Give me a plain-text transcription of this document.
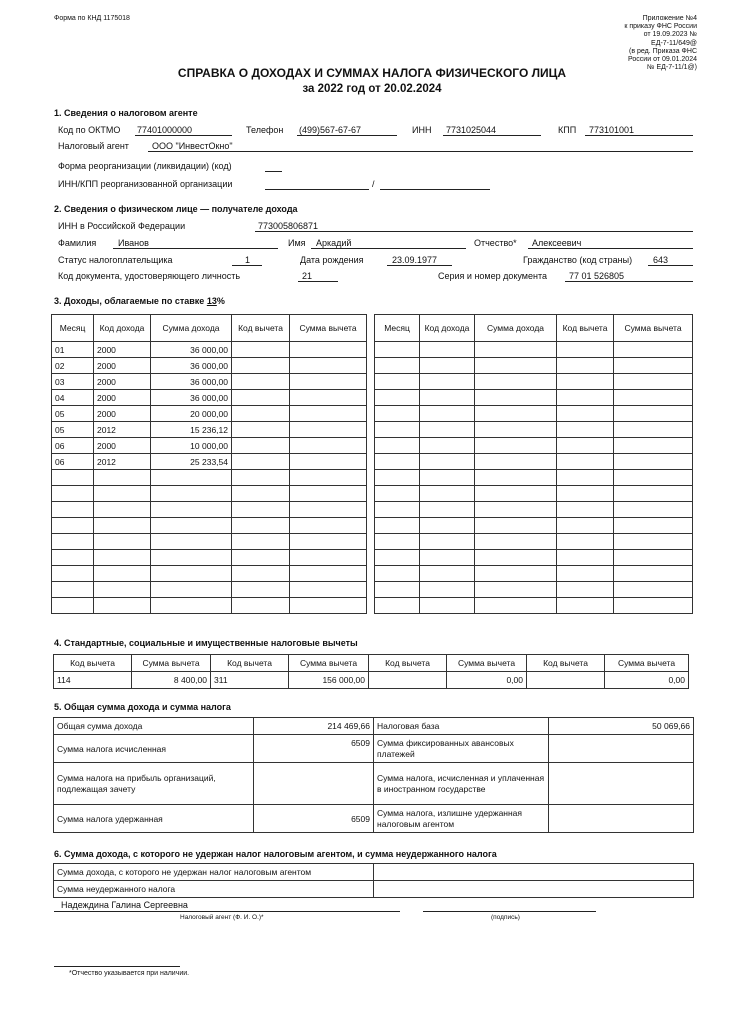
Форма по КНД 1175018	Приложение №4
к приказу ФНС России
от 19.09.2023 №
ЕД-7-11/649@
(в ред. Приказа ФНС
России от 09.01.2024
№ ЕД-7-11/1@)
СПРАВКА О ДОХОДАХ И СУММАХ НАЛОГА ФИЗИЧЕСКОГО ЛИЦА
за 2022 год от 20.02.2024
1. Сведения о налоговом агенте
Код по ОКТМО 77401000000	Телефон (499)567-67-67	ИНН 7731025044	КПП 773101001
Налоговый агент	ООО "ИнвестОкно"
Форма реорганизации (ликвидации) (код)
ИНН/КПП реорганизованной организации	/
2. Сведения о физическом лице — получателе дохода
ИНН в Российской Федерации	773005806871
Фамилия Иванов	Имя Аркадий	Отчество* Алексеевич
Статус налогоплательщика	1	Дата рождения	23.09.1977	Гражданство (код страны) 643
Код документа, удостоверяющего личность	21	Серия и номер документа 77 01 526805
3. Доходы, облагаемые по ставке 13%
Месяц	Код дохода	Сумма дохода	Код вычета	Сумма вычета
01	2000	36 000,00		
02	2000	36 000,00		
03	2000	36 000,00		
04	2000	36 000,00		
05	2000	20 000,00		
05	2012	15 236,12		
06	2000	10 000,00		
06	2012	25 233,54		

Месяц	Код дохода	Сумма дохода	Код вычета	Сумма вычета

4. Стандартные, социальные и имущественные налоговые вычеты
Код вычета	Сумма вычета	Код вычета	Сумма вычета	Код вычета	Сумма вычета	Код вычета	Сумма вычета
114	8 400,00	311	156 000,00		0,00		0,00
5. Общая сумма дохода и сумма налога
Общая сумма дохода	214 469,66	Налоговая база	50 069,66
Сумма налога исчисленная	6509	Сумма фиксированных авансовых платежей	
Сумма налога на прибыль организаций, подлежащая зачету		Сумма налога, исчисленная и уплаченная в иностранном государстве	
Сумма налога удержанная	6509	Сумма налога, излишне удержанная налоговым агентом	
6. Сумма дохода, с которого не удержан налог налоговым агентом, и сумма неудержанного налога
Сумма дохода, с которого не удержан налог налоговым агентом	
Сумма неудержанного налога	
Надеждина Галина Сергеевна
Налоговый агент (Ф. И. О.)*	(подпись)
*Отчество указывается при наличии.
